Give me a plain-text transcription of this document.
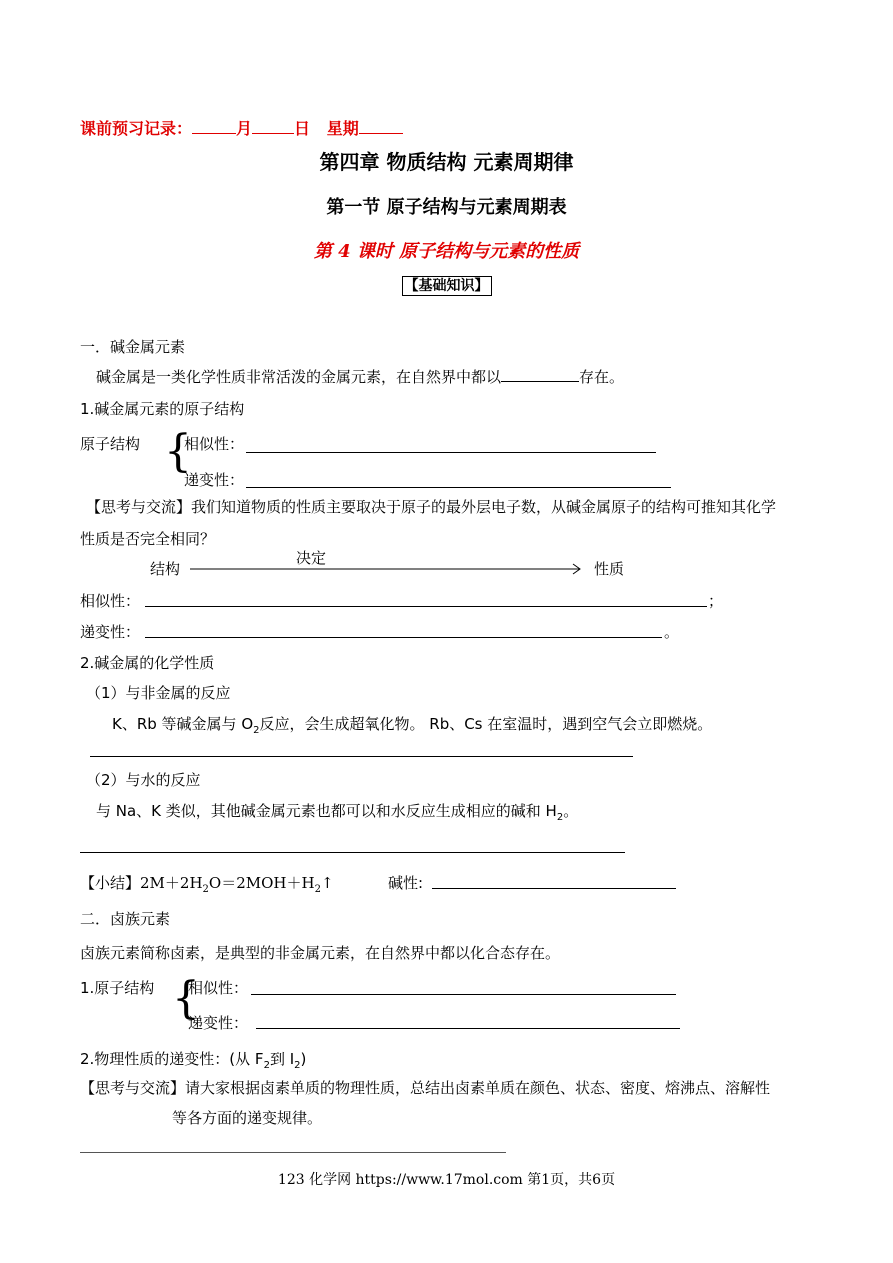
课前预习记录：	月	日 星期
第四章 物质结构 元素周期律
第一节 原子结构与元素周期表
第 4 课时 原子结构与元素的性质
【基础知识】
一．碱金属元素
碱金属是一类化学性质非常活泼的金属元素，在自然界中都以	存在。
1.碱金属元素的原子结构
原子结构 {
相似性：
递变性：
【思考与交流】我们知道物质的性质主要取决于原子的最外层电子数，从碱金属原子的结构可推知其化学
性质是否完全相同？
结构
决定
性质
相似性：	；
递变性：	。
2.碱金属的化学性质
（1）与非金属的反应
K、Rb 等碱金属与 $O_2$反应，会生成超氧化物。 Rb、Cs 在室温时，遇到空气会立即燃烧。
（2）与水的反应
与 Na、K 类似，其他碱金属元素也都可以和水反应生成相应的碱和 $H_2$。
【小结】$2M+2H_2O=2MOH+H_2↑$	碱性:
二．卤族元素
卤族元素简称卤素，是典型的非金属元素，在自然界中都以化合态存在。
1.原子结构 {
相似性：
递变性：
2.物理性质的递变性：(从 $F_2$到 $I_2$)
【思考与交流】请大家根据卤素单质的物理性质，总结出卤素单质在颜色、状态、密度、熔沸点、溶解性
等各方面的递变规律。
123 化学网 https://www.17mol.com 第1页，共6页
